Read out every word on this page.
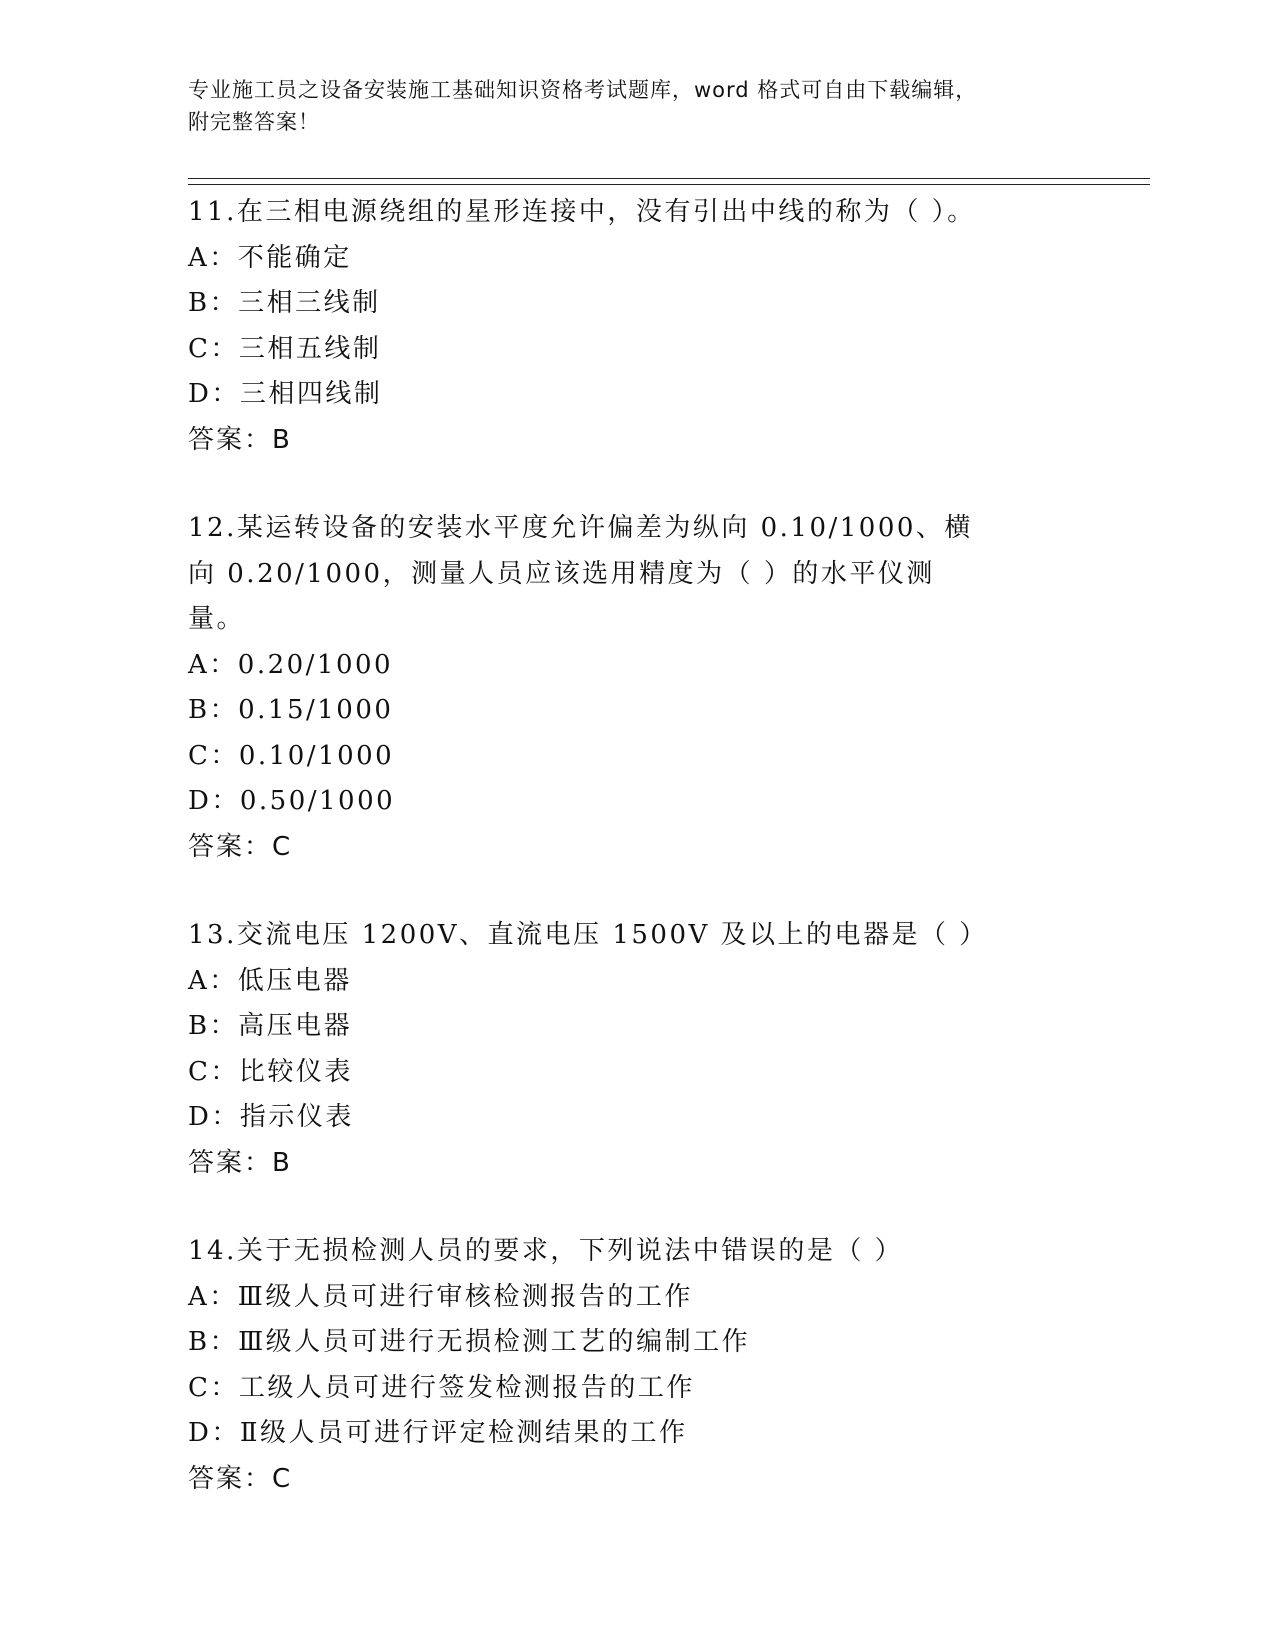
专业施工员之设备安装施工基础知识资格考试题库，word 格式可自由下载编辑，
附完整答案！
11.在三相电源绕组的星形连接中，没有引出中线的称为（ ）。
A：不能确定
B：三相三线制
C：三相五线制
D：三相四线制
答案：B
12.某运转设备的安装水平度允许偏差为纵向 0.10/1000、横向 0.20/1000，测量人员应该选用精度为（ ）的水平仪测量。
A：0.20/1000
B：0.15/1000
C：0.10/1000
D：0.50/1000
答案：C
13.交流电压 1200V、直流电压 1500V 及以上的电器是（ ）
A：低压电器
B：高压电器
C：比较仪表
D：指示仪表
答案：B
14.关于无损检测人员的要求，下列说法中错误的是（ ）
A：Ⅲ级人员可进行审核检测报告的工作
B：Ⅲ级人员可进行无损检测工艺的编制工作
C：工级人员可进行签发检测报告的工作
D：Ⅱ级人员可进行评定检测结果的工作
答案：C
